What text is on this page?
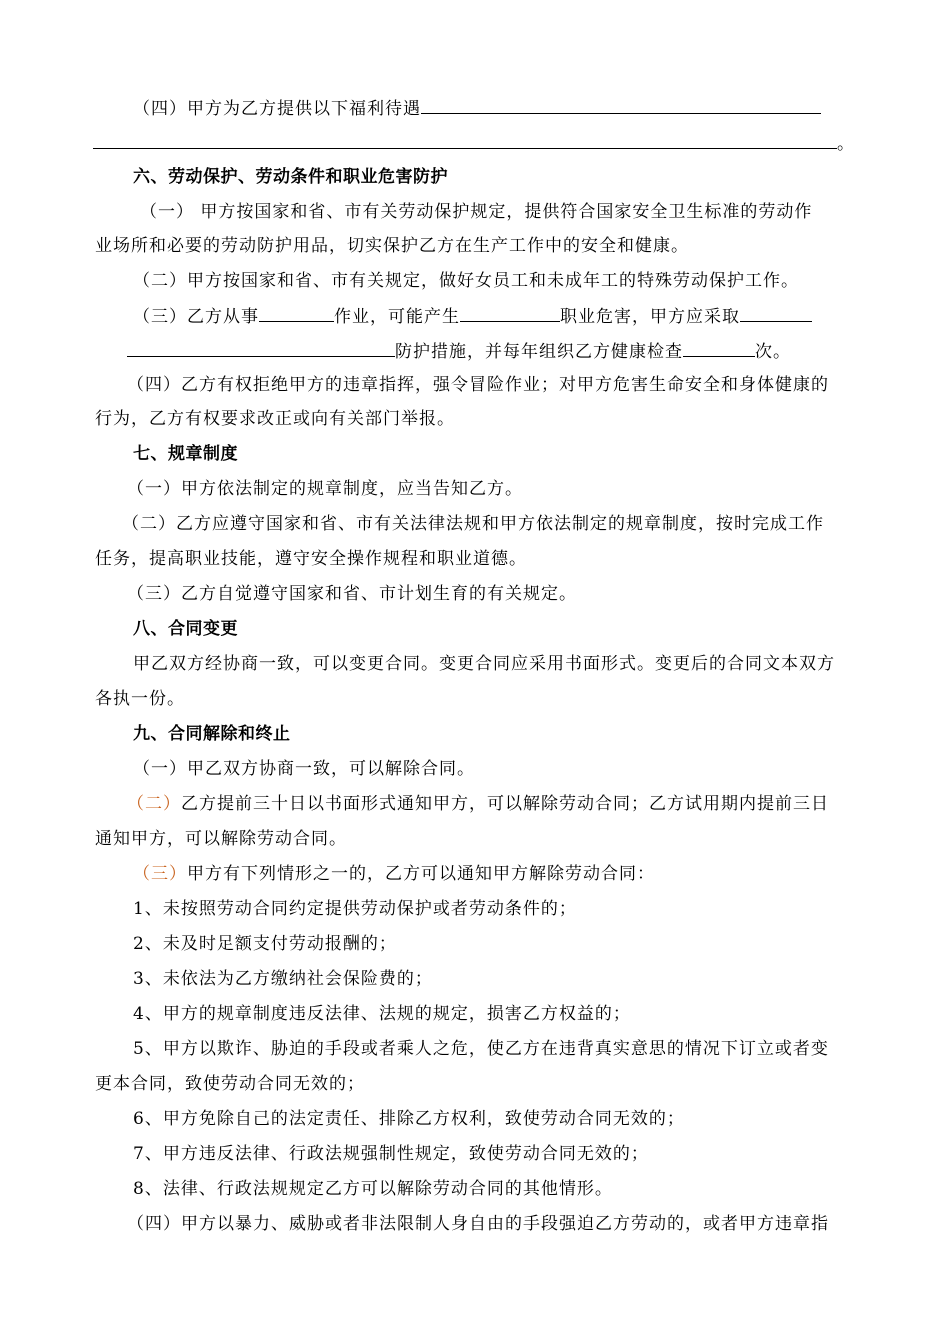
（四）甲方为乙方提供以下福利待遇
。
六、劳动保护、劳动条件和职业危害防护
（一） 甲方按国家和省、市有关劳动保护规定，提供符合国家安全卫生标准的劳动作
业场所和必要的劳动防护用品，切实保护乙方在生产工作中的安全和健康。
（二）甲方按国家和省、市有关规定，做好女员工和未成年工的特殊劳动保护工作。
（三）乙方从事	作业，可能产生	职业危害，甲方应采取
防护措施，并每年组织乙方健康检查	次。
（四）乙方有权拒绝甲方的违章指挥，强令冒险作业；对甲方危害生命安全和身体健康的
行为，乙方有权要求改正或向有关部门举报。
七、规章制度
（一）甲方依法制定的规章制度，应当告知乙方。
（二）乙方应遵守国家和省、市有关法律法规和甲方依法制定的规章制度，按时完成工作
任务，提高职业技能，遵守安全操作规程和职业道德。
（三）乙方自觉遵守国家和省、市计划生育的有关规定。
八、合同变更
甲乙双方经协商一致，可以变更合同。变更合同应采用书面形式。变更后的合同文本双方
各执一份。
九、合同解除和终止
（一）甲乙双方协商一致，可以解除合同。
（二）乙方提前三十日以书面形式通知甲方，可以解除劳动合同；乙方试用期内提前三日
通知甲方，可以解除劳动合同。
（三）甲方有下列情形之一的，乙方可以通知甲方解除劳动合同：
1、未按照劳动合同约定提供劳动保护或者劳动条件的；
2、未及时足额支付劳动报酬的；
3、未依法为乙方缴纳社会保险费的；
4、甲方的规章制度违反法律、法规的规定，损害乙方权益的；
5、甲方以欺诈、胁迫的手段或者乘人之危，使乙方在违背真实意思的情况下订立或者变
更本合同，致使劳动合同无效的；
6、甲方免除自己的法定责任、排除乙方权利，致使劳动合同无效的；
7、甲方违反法律、行政法规强制性规定，致使劳动合同无效的；
8、法律、行政法规规定乙方可以解除劳动合同的其他情形。
（四）甲方以暴力、威胁或者非法限制人身自由的手段强迫乙方劳动的，或者甲方违章指
